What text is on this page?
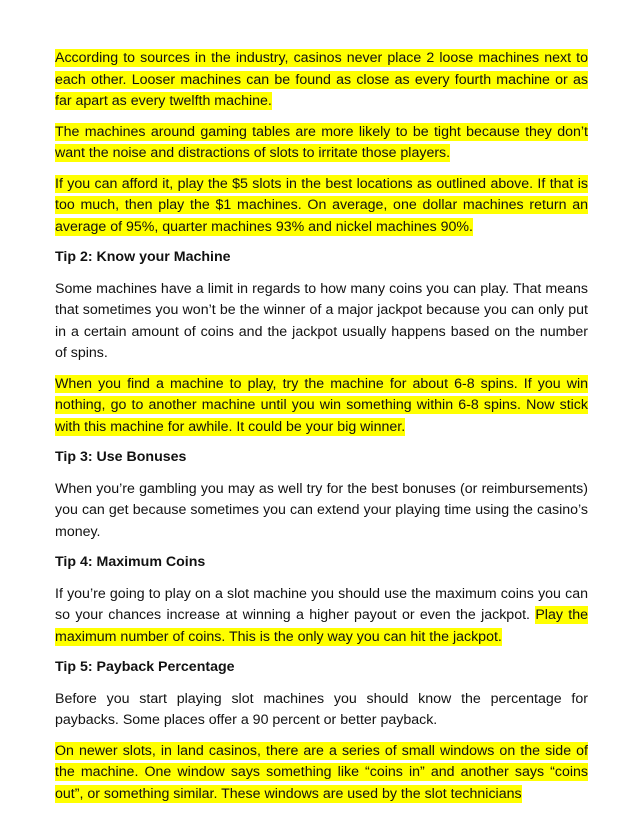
According to sources in the industry, casinos never place 2 loose machines next to each other. Looser machines can be found as close as every fourth machine or as far apart as every twelfth machine.

The machines around gaming tables are more likely to be tight because they don’t want the noise and distractions of slots to irritate those players.

If you can afford it, play the $5 slots in the best locations as outlined above. If that is too much, then play the $1 machines. On average, one dollar machines return an average of 95%, quarter machines 93% and nickel machines 90%.

Tip 2: Know your Machine

Some machines have a limit in regards to how many coins you can play. That means that sometimes you won’t be the winner of a major jackpot because you can only put in a certain amount of coins and the jackpot usually happens based on the number of spins.

When you find a machine to play, try the machine for about 6-8 spins. If you win nothing, go to another machine until you win something within 6-8 spins. Now stick with this machine for awhile. It could be your big winner.

Tip 3: Use Bonuses

When you’re gambling you may as well try for the best bonuses (or reimbursements) you can get because sometimes you can extend your playing time using the casino’s money.

Tip 4: Maximum Coins

If you’re going to play on a slot machine you should use the maximum coins you can so your chances increase at winning a higher payout or even the jackpot. Play the maximum number of coins. This is the only way you can hit the jackpot.

Tip 5: Payback Percentage

Before you start playing slot machines you should know the percentage for paybacks. Some places offer a 90 percent or better payback.

On newer slots, in land casinos, there are a series of small windows on the side of the machine. One window says something like “coins in” and another says “coins out”, or something similar. These windows are used by the slot technicians
